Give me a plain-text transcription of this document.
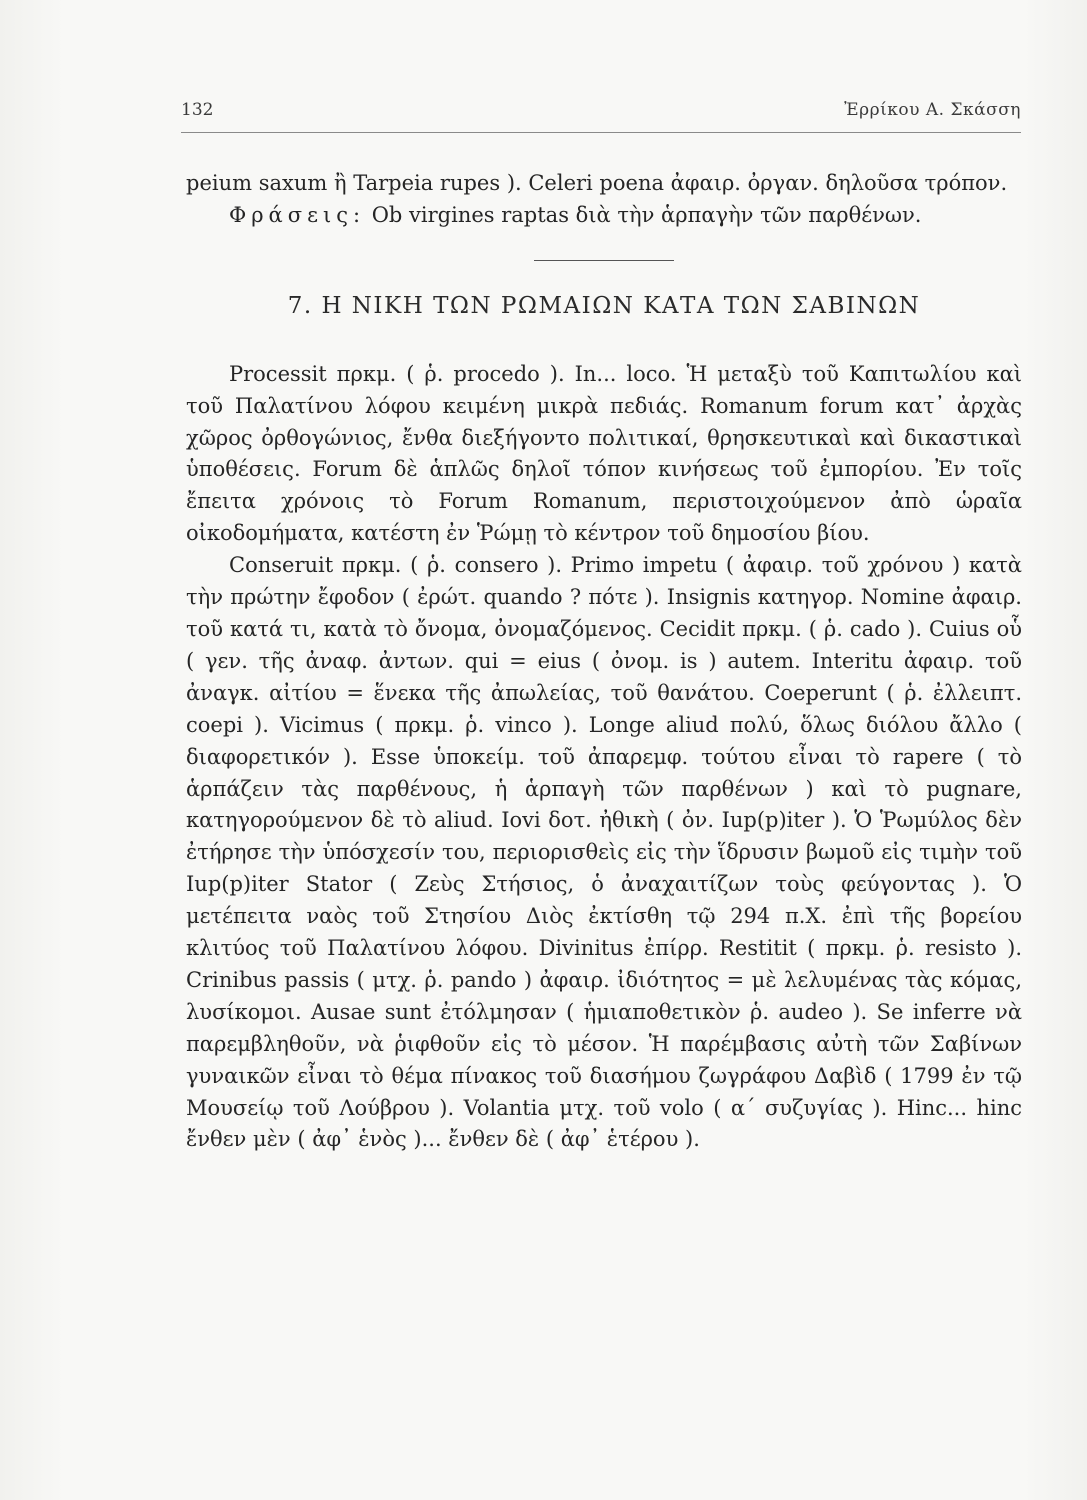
132	Ἐρρίκου Α. Σκάσση

peium saxum ἢ Tarpeia rupes ). Celeri poena ἀφαιρ. ὀργαν. δηλοῦσα τρόπον.

Φράσεις: Ob virgines raptas διὰ τὴν ἁρπαγὴν τῶν παρθένων.

7. Η ΝΙΚΗ ΤΩΝ ΡΩΜΑΙΩΝ ΚΑΤΑ ΤΩΝ ΣΑΒΙΝΩΝ

Processit πρκμ. ( ῥ. procedo ). In... loco. Ἡ μεταξὺ τοῦ Καπιτωλίου καὶ τοῦ Παλατίνου λόφου κειμένη μικρὰ πεδιάς. Romanum forum κατ᾽ ἀρχὰς χῶρος ὀρθογώνιος, ἔνθα διεξήγοντο πολιτικαί, θρησκευτικαὶ καὶ δικαστικαὶ ὑποθέσεις. Forum δὲ ἁπλῶς δηλοῖ τόπον κινήσεως τοῦ ἐμπορίου. Ἐν τοῖς ἔπειτα χρόνοις τὸ Forum Romanum, περιστοιχούμενον ἀπὸ ὡραῖα οἰκοδομήματα, κατέστη ἐν Ῥώμῃ τὸ κέντρον τοῦ δημοσίου βίου.

Conseruit πρκμ. ( ῥ. consero ). Primo impetu ( ἀφαιρ. τοῦ χρόνου ) κατὰ τὴν πρώτην ἔφοδον ( ἐρώτ. quando ? πότε ). Insignis κατηγορ. Nomine ἀφαιρ. τοῦ κατά τι, κατὰ τὸ ὄνομα, ὀνομαζόμενος. Cecidit πρκμ. ( ῥ. cado ). Cuius οὗ ( γεν. τῆς ἀναφ. ἀντων. qui = eius ( ὀνομ. is ) autem. Interitu ἀφαιρ. τοῦ ἀναγκ. αἰτίου = ἕνεκα τῆς ἀπωλείας, τοῦ θανάτου. Coeperunt ( ῥ. ἐλλειπτ. coepi ). Vicimus ( πρκμ. ῥ. vinco ). Longe aliud πολύ, ὅλως διόλου ἄλλο ( διαφορετικόν ). Esse ὑποκείμ. τοῦ ἀπαρεμφ. τούτου εἶναι τὸ rapere ( τὸ ἁρπάζειν τὰς παρθένους, ἡ ἁρπαγὴ τῶν παρθένων ) καὶ τὸ pugnare, κατηγορούμενον δὲ τὸ aliud. Iovi δοτ. ἠθικὴ ( ὀν. Iup(p)iter ). Ὁ Ῥωμύλος δὲν ἐτήρησε τὴν ὑπόσχεσίν του, περιορισθεὶς εἰς τὴν ἵδρυσιν βωμοῦ εἰς τιμὴν τοῦ Iup(p)iter Stator ( Ζεὺς Στήσιος, ὁ ἀναχαιτίζων τοὺς φεύγοντας ). Ὁ μετέπειτα ναὸς τοῦ Στησίου Διὸς ἐκτίσθη τῷ 294 π.Χ. ἐπὶ τῆς βορείου κλιτύος τοῦ Παλατίνου λόφου. Divinitus ἐπίρρ. Restitit ( πρκμ. ῥ. resisto ). Crinibus passis ( μτχ. ῥ. pando ) ἀφαιρ. ἰδιότητος = μὲ λελυμένας τὰς κόμας, λυσίκομοι. Ausae sunt ἐτόλμησαν ( ἡμιαποθετικὸν ῥ. audeo ). Se inferre νὰ παρεμβληθοῦν, νὰ ῥιφθοῦν εἰς τὸ μέσον. Ἡ παρέμβασις αὐτὴ τῶν Σαβίνων γυναικῶν εἶναι τὸ θέμα πίνακος τοῦ διασήμου ζωγράφου Δαβὶδ ( 1799 ἐν τῷ Μουσείῳ τοῦ Λούβρου ). Volantia μτχ. τοῦ volo ( α΄ συζυγίας ). Hinc... hinc ἔνθεν μὲν ( ἀφ᾽ ἑνὸς )... ἔνθεν δὲ ( ἀφ᾽ ἑτέρου ).
